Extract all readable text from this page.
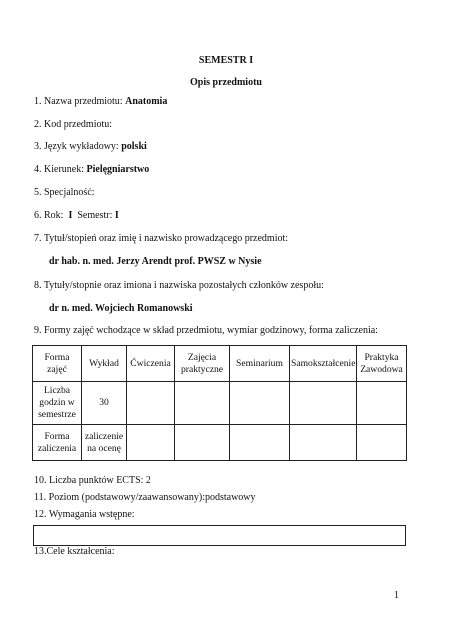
SEMESTR I
Opis przedmiotu
1. Nazwa przedmiotu: Anatomia
2. Kod przedmiotu:
3. Język wykładowy: polski
4. Kierunek: Pielęgniarstwo
5. Specjalność:
6. Rok:  I  Semestr: I
7. Tytuł/stopień oraz imię i nazwisko prowadzącego przedmiot:
dr hab. n. med. Jerzy Arendt prof. PWSZ w Nysie
8. Tytuły/stopnie oraz imiona i nazwiska pozostałych członków zespołu:
dr n. med. Wojciech Romanowski
9. Formy zajęć wchodzące w skład przedmiotu, wymiar godzinowy, forma zaliczenia:
Forma zajęć	Wykład	Ćwiczenia	Zajęcia praktyczne	Seminarium	Samokształcenie	Praktyka Zawodowa
Liczba godzin w semestrze	30					
Forma zaliczenia	zaliczenie na ocenę					
10. Liczba punktów ECTS: 2
11. Poziom (podstawowy/zaawansowany):podstawowy
12. Wymagania wstępne:
13.Cele kształcenia:
1
